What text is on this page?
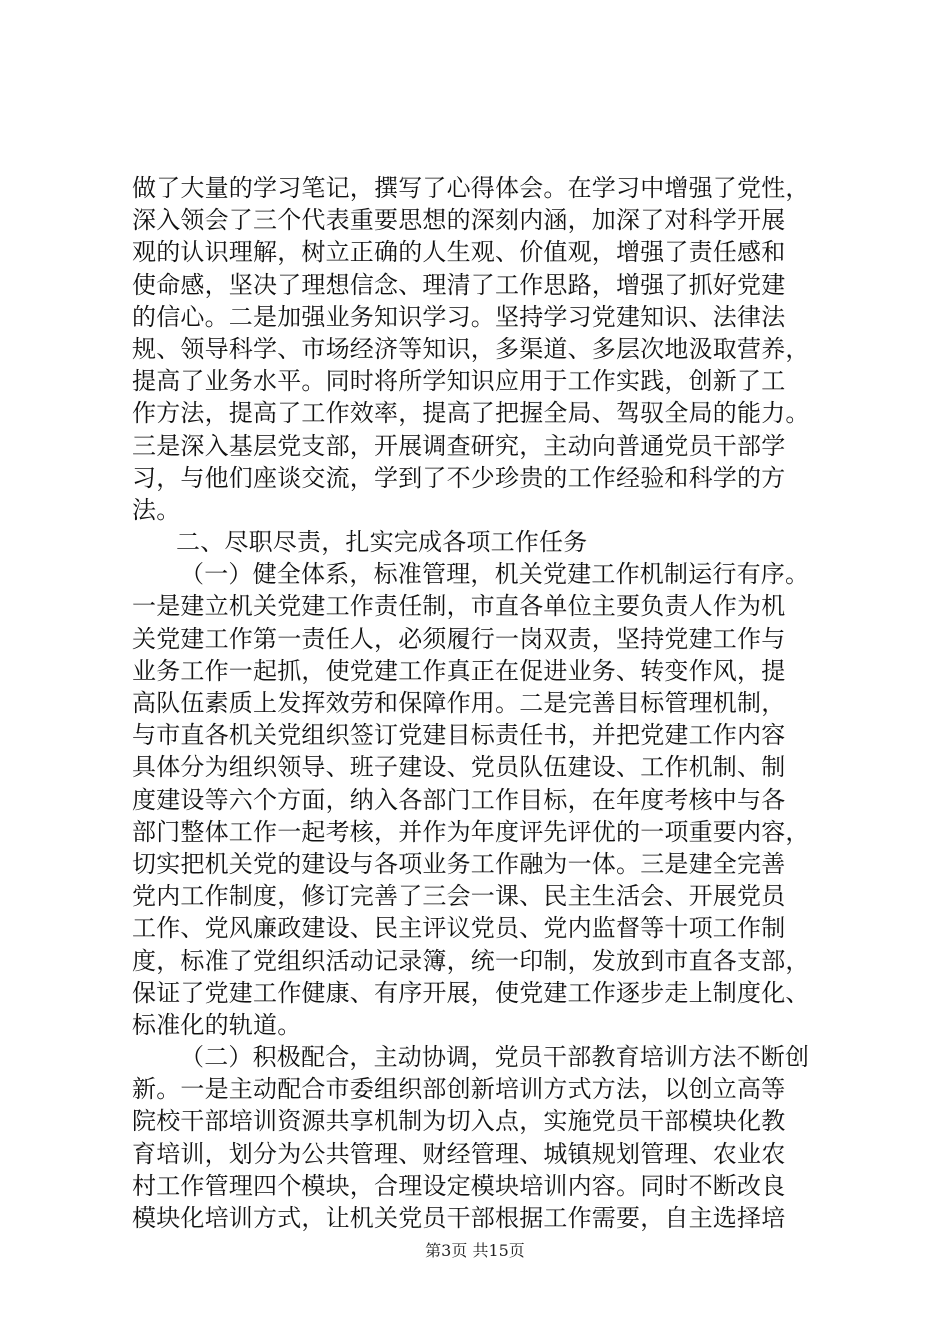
做了大量的学习笔记，撰写了心得体会。在学习中增强了党性，
深入领会了三个代表重要思想的深刻内涵，加深了对科学开展
观的认识理解，树立正确的人生观、价值观，增强了责任感和
使命感，坚决了理想信念、理清了工作思路，增强了抓好党建
的信心。二是加强业务知识学习。坚持学习党建知识、法律法
规、领导科学、市场经济等知识，多渠道、多层次地汲取营养，
提高了业务水平。同时将所学知识应用于工作实践，创新了工
作方法，提高了工作效率，提高了把握全局、驾驭全局的能力。
三是深入基层党支部，开展调查研究，主动向普通党员干部学
习，与他们座谈交流，学到了不少珍贵的工作经验和科学的方
法。
二、尽职尽责，扎实完成各项工作任务
（一）健全体系，标准管理，机关党建工作机制运行有序。
一是建立机关党建工作责任制，市直各单位主要负责人作为机
关党建工作第一责任人，必须履行一岗双责，坚持党建工作与
业务工作一起抓，使党建工作真正在促进业务、转变作风，提
高队伍素质上发挥效劳和保障作用。二是完善目标管理机制，
与市直各机关党组织签订党建目标责任书，并把党建工作内容
具体分为组织领导、班子建设、党员队伍建设、工作机制、制
度建设等六个方面，纳入各部门工作目标，在年度考核中与各
部门整体工作一起考核，并作为年度评先评优的一项重要内容，
切实把机关党的建设与各项业务工作融为一体。三是建全完善
党内工作制度，修订完善了三会一课、民主生活会、开展党员
工作、党风廉政建设、民主评议党员、党内监督等十项工作制
度，标准了党组织活动记录簿，统一印制，发放到市直各支部，
保证了党建工作健康、有序开展，使党建工作逐步走上制度化、
标准化的轨道。
（二）积极配合，主动协调，党员干部教育培训方法不断创
新。一是主动配合市委组织部创新培训方式方法，以创立高等
院校干部培训资源共享机制为切入点，实施党员干部模块化教
育培训，划分为公共管理、财经管理、城镇规划管理、农业农
村工作管理四个模块，合理设定模块培训内容。同时不断改良
模块化培训方式，让机关党员干部根据工作需要，自主选择培
第3页 共15页
